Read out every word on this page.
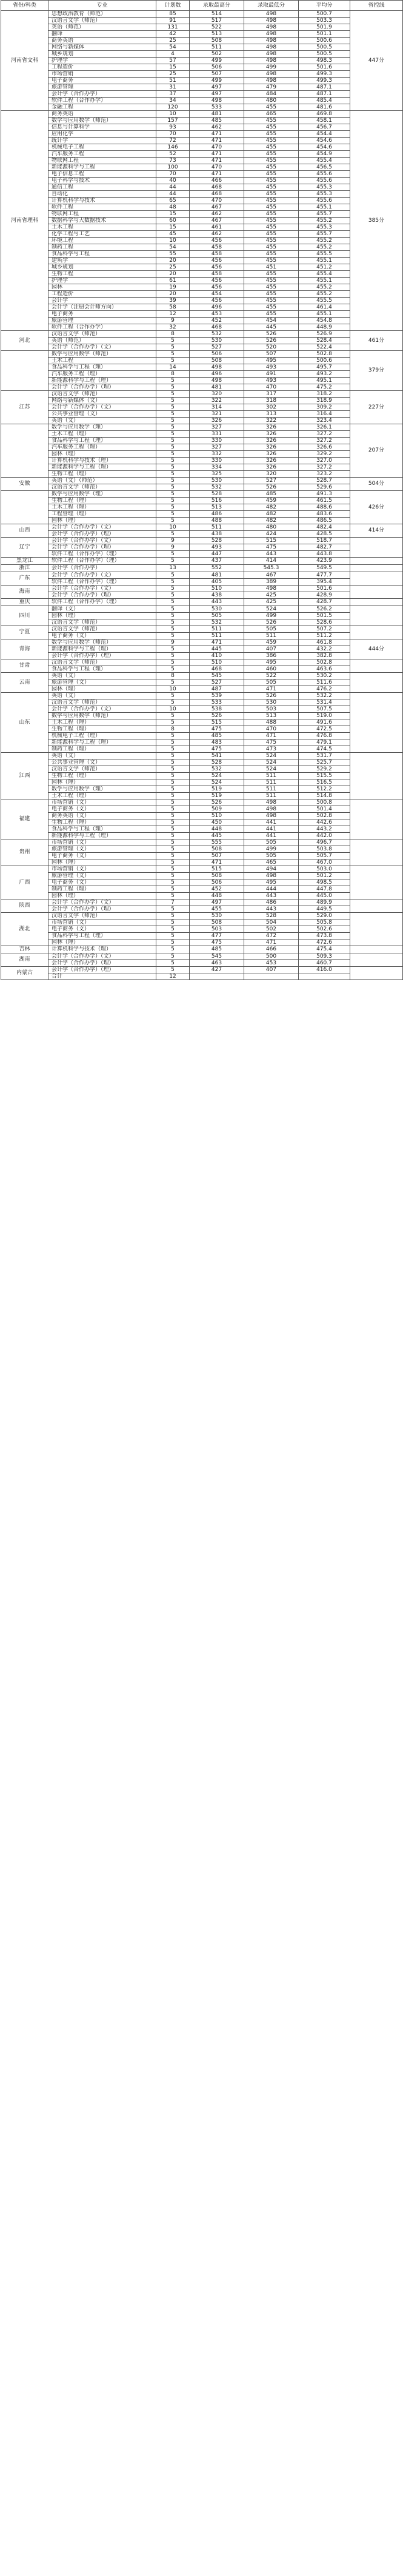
省份/科类	专业	计划数	录取最高分	录取最低分	平均分	省控线
河南省文科	思想政治教育（师范）	85	514	498	500.7	447分
	汉语言文学（师范）	91	517	498	503.3	
	英语（师范）	131	522	498	501.9	
	翻译	42	513	498	501.1	
	商务英语	25	508	498	500.6	
	网络与新媒体	54	511	498	500.5	
	城乡规划	4	502	498	500.5	
	护理学	57	499	498	498.3	
	工程造价	15	506	499	501.6	
	市场营销	25	507	498	499.3	
	电子商务	51	499	498	499.3	
	旅游管理	31	497	479	487.1	
	会计学（合作办学）	37	497	484	487.1	
	软件工程（合作办学）	34	498	480	485.4	
	金融工程	120	533	455	481.6	
河南省理科	商务英语	10	481	465	469.8	385分
	数学与应用数学（师范）	157	485	455	458.1	
	信息与计算科学	93	462	455	456.7	
	应用化学	70	471	455	454.4	
	统计学	72	471	455	454.6	
	机械电子工程	146	470	455	454.6	
	汽车服务工程	52	471	455	454.9	
	物联网工程	73	471	455	455.4	
	新能源科学与工程	100	470	455	456.5	
	电子信息工程	70	471	455	455.6	
	电子科学与技术	40	466	455	455.6	
	通信工程	44	468	455	455.3	
	自动化	44	468	455	455.3	
	计算机科学与技术	65	470	455	455.6	
	软件工程	48	467	455	455.1	
	物联网工程	15	462	455	455.7	
	数据科学与大数据技术	60	467	455	455.2	
	土木工程	15	461	455	455.3	
	化学工程与工艺	45	462	455	455.7	
	环境工程	10	456	455	455.2	
	制药工程	54	458	455	455.2	
	食品科学与工程	55	458	455	455.5	
	建筑学	20	456	455	455.1	
	城乡规划	25	456	451	451.2	
	生物工程	20	458	455	455.4	
	护理学	61	456	455	455.1	
	园林	19	456	455	455.2	
	工程造价	20	454	455	455.2	
	会计学	39	456	455	455.5	
	会计学（注册会计师方向）	58	496	455	461.4	
	电子商务	12	453	455	455.1	
	旅游管理	9	452	454	454.8	
	软件工程（合作办学）	32	468	445	448.9	
河北	汉语言文学（师范）	8	532	526	526.9	461分
	英语（师范）	5	530	526	528.4	
	会计学（合作办学）（文）	5	527	520	522.4	
	数学与应用数学（师范）	5	506	507	502.8	379分
	土木工程	5	508	495	500.6	
	食品科学与工程（理）	14	498	493	495.7	
	汽车服务工程（理）	8	496	491	493.2	
	新能源科学与工程（理）	5	498	493	495.1	
	会计学（合作办学）（理）	5	481	470	475.2	
江苏	汉语言文学（师范）	5	320	317	318.2	227分
	网络与新媒体（文）	5	322	318	318.9	
	会计学（合作办学）（文）	5	314	302	309.2	
	公共事业管理（文）	5	321	313	316.4	
	英语（文）	5	326	322	323.4	
	数学与应用数学（理）	5	327	326	326.1	207分
	土木工程（理）	5	331	326	327.2	
	食品科学与工程（理）	5	330	326	327.2	
	汽车服务工程（理）	5	327	326	326.6	
	园林（理）	5	332	326	329.2	
	计算机科学与技术（理）	5	330	326	327.0	
	新能源科学与工程（理）	5	334	326	327.2	
	生物工程（理）	5	325	320	323.2	
安徽	英语（文）（师范）	5	530	527	528.7	504分
	汉语言文学（师范）	5	532	526	529.6	
	数学与应用数学（理）	5	528	485	491.3	426分
	生物工程（理）	5	516	459	461.5	
	土木工程（理）	5	513	482	488.6	
	工程管理（理）	5	486	482	483.6	
	园林（理）	5	488	482	486.5	
山西	会计学（合作办学）（文）	10	511	480	482.4	414分
	会计学（合作办学）（理）	5	438	424	428.5	
辽宁	会计学（合作办学）（文）	9	528	515	518.7	
	会计学（合作办学）（理）	9	493	475	482.7	
	软件工程（合作办学）（理）	5	447	443	443.8	
黑龙江	软件工程（合作办学）（理）	5	437	414	423.9	
浙江	会计学（合作办学）	13	552	545.3	549.5	
广东	会计学（合作办学）（文）	5	481	467	477.7	
	软件工程（合作办学）（理）	5	405	389	395.4	
海南	会计学（合作办学）（文）	5	510	498	501.6	
	会计学（合作办学）（理）	5	438	425	428.9	
重庆	软件工程（合作办学）（理）	5	443	425	428.7	
四川	翻译（文）	5	530	524	526.2	
	园林（理）	5	505	499	501.5	
	汉语言文学（师范）	5	532	526	528.6	
宁夏	汉语言文学（师范）	5	511	505	507.2	
	电子商务（文）	5	511	511	511.2	
青海	数学与应用数学（师范）	9	471	459	461.8	444分
	新能源科学与工程（理）	5	445	407	432.2	
	会计学（合作办学）（理）	5	410	386	382.8	
甘肃	汉语言文学（师范）	5	510	495	502.8	
	食品科学与工程（理）	5	468	460	463.6	
云南	英语（文）	8	545	522	530.2	
	旅游管理（文）	5	527	505	511.6	
	园林（理）	10	487	471	476.2	
山东	英语（文）	5	539	526	532.2	
	汉语言文学（师范）	5	533	530	531.4	
	会计学（合作办学）（文）	10	538	503	507.5	
	数学与应用数学（师范）	5	526	513	519.0	
	土木工程（理）	5	515	488	491.6	
	生物工程（理）	8	475	470	472.5	
	机械电子工程（理）	5	485	471	476.8	
	新能源科学与工程（理）	5	483	475	479.1	
	制药工程（理）	5	475	473	474.5	
江西	英语（文）	5	541	524	531.7	
	公共事业管理（文）	5	528	524	525.7	
	汉语言文学（师范）	5	532	524	529.2	
	生物工程（理）	5	524	511	515.5	
	园林（理）	5	524	511	516.5	
	数学与应用数学（理）	5	519	511	512.2	
	土木工程（理）	5	519	511	514.8	
福建	市场营销（文）	5	526	498	500.8	
	电子商务（文）	5	509	498	501.4	
	商务英语（文）	5	510	498	502.8	
	生物工程（理）	5	450	441	442.6	
	食品科学与工程（理）	5	448	441	443.2	
	新能源科学与工程（理）	5	445	441	442.0	
贵州	市场营销（文）	5	555	505	496.7	
	旅游管理（文）	5	508	499	503.8	
	电子商务（文）	5	507	505	505.7	
	园林（理）	5	471	465	467.0	
广西	市场营销（文）	5	515	494	503.0	
	旅游管理（文）	5	508	498	501.2	
	电子商务（文）	5	506	495	498.5	
	制药工程（理）	5	452	444	447.8	
	园林（理）	5	448	443	445.0	
陕西	会计学（合作办学）（文）	7	497	486	489.9	
	会计学（合作办学）（理）	5	455	443	449.5	
湖北	汉语言文学（师范）	5	530	528	529.0	
	市场营销（文）	5	508	504	505.8	
	电子商务（文）	5	503	502	502.6	
	食品科学与工程（理）	5	477	472	473.8	
	园林（理）	5	475	471	472.6	
吉林	计算机科学与技术（理）	5	485	466	475.4	
湖南	会计学（合作办学）（文）	5	545	500	509.3	
	会计学（合作办学）（理）	5	463	453	460.7	
内蒙古	会计学（合作办学）（理）	5	427	407	416.0	
	合计	12				
